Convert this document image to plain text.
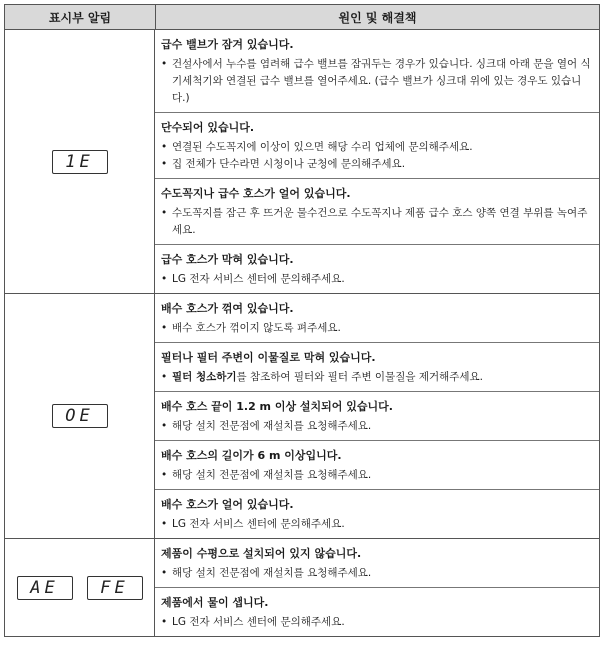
표시부 알림	원인 및 해결책
1E
급수 밸브가 잠겨 있습니다.
• 건설사에서 누수를 염려해 급수 밸브를 잠궈두는 경우가 있습니다. 싱크대 아래 문을 열어 식기세척기와 연결된 급수 밸브를 열어주세요. (급수 밸브가 싱크대 위에 있는 경우도 있습니다.)
단수되어 있습니다.
• 연결된 수도꼭지에 이상이 있으면 해당 수리 업체에 문의해주세요.
• 집 전체가 단수라면 시청이나 군청에 문의해주세요.
수도꼭지나 급수 호스가 얼어 있습니다.
• 수도꼭지를 잠근 후 뜨거운 물수건으로 수도꼭지나 제품 급수 호스 양쪽 연결 부위를 녹여주세요.
급수 호스가 막혀 있습니다.
• LG 전자 서비스 센터에 문의해주세요.
OE
배수 호스가 꺾여 있습니다.
• 배수 호스가 꺾이지 않도록 펴주세요.
필터나 필터 주변이 이물질로 막혀 있습니다.
• 필터 청소하기를 참조하여 필터와 필터 주변 이물질을 제거해주세요.
배수 호스 끝이 1.2 m 이상 설치되어 있습니다.
• 해당 설치 전문점에 재설치를 요청해주세요.
배수 호스의 길이가 6 m 이상입니다.
• 해당 설치 전문점에 재설치를 요청해주세요.
배수 호스가 얼어 있습니다.
• LG 전자 서비스 센터에 문의해주세요.
AE	FE
제품이 수평으로 설치되어 있지 않습니다.
• 해당 설치 전문점에 재설치를 요청해주세요.
제품에서 물이 샙니다.
• LG 전자 서비스 센터에 문의해주세요.
